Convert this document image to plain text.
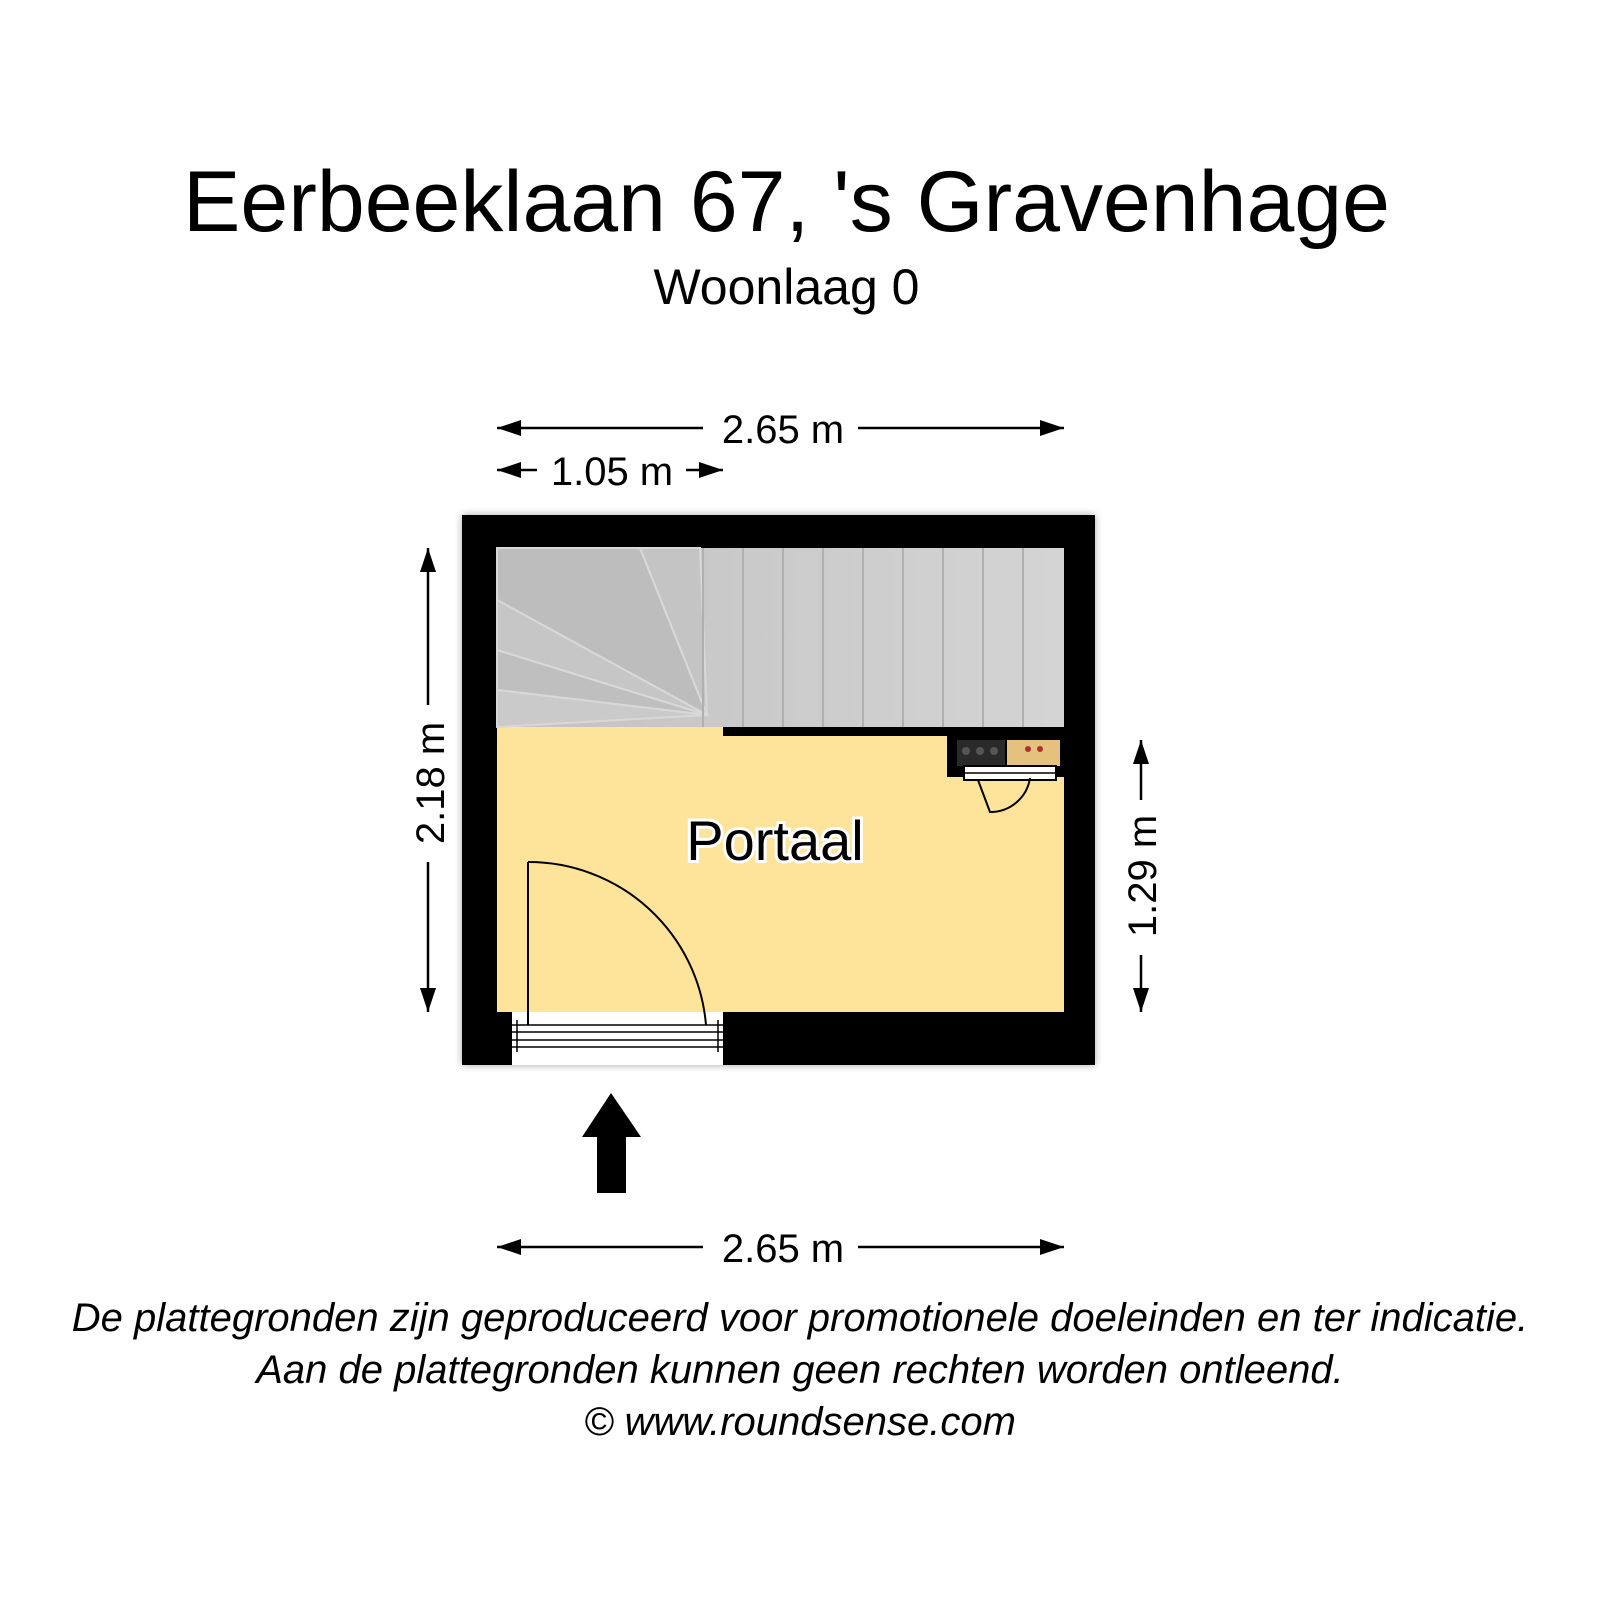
Eerbeeklaan 67, 's Gravenhage
Woonlaag 0
Portaal
2.65 m
1.05 m
2.18 m
1.29 m
2.65 m
De plattegronden zijn geproduceerd voor promotionele doeleinden en ter indicatie.
Aan de plattegronden kunnen geen rechten worden ontleend.
© www.roundsense.com
